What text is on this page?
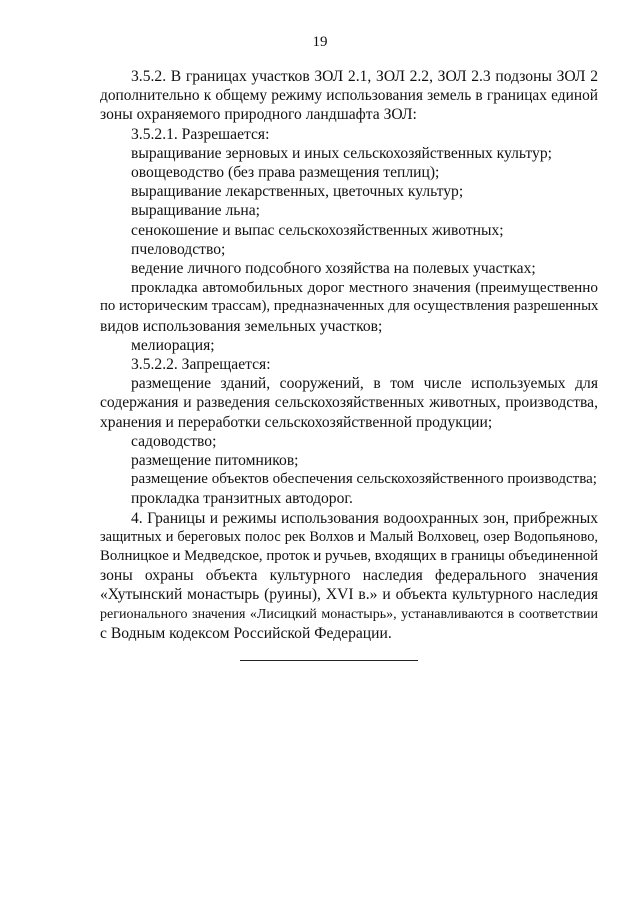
19

3.5.2. В границах участков ЗОЛ 2.1, ЗОЛ 2.2, ЗОЛ 2.3 подзоны ЗОЛ 2

дополнительно к общему режиму использования земель в границах единой

зоны охраняемого природного ландшафта ЗОЛ:

3.5.2.1. Разрешается:

выращивание зерновых и иных сельскохозяйственных культур;

овощеводство (без права размещения теплиц);

выращивание лекарственных, цветочных культур;

выращивание льна;

сенокошение и выпас сельскохозяйственных животных;

пчеловодство;

ведение личного подсобного хозяйства на полевых участках;

прокладка автомобильных дорог местного значения (преимущественно

по историческим трассам), предназначенных для осуществления разрешенных

видов использования земельных участков;

мелиорация;

3.5.2.2. Запрещается:

размещение зданий, сооружений, в том числе используемых для

содержания и разведения сельскохозяйственных животных, производства,

хранения и переработки сельскохозяйственной продукции;

садоводство;

размещение питомников;

размещение объектов обеспечения сельскохозяйственного производства;

прокладка транзитных автодорог.

4. Границы и режимы использования водоохранных зон, прибрежных

защитных и береговых полос рек Волхов и Малый Волховец, озер Водопьяново,

Волницкое и Медведское, проток и ручьев, входящих в границы объединенной

зоны охраны объекта культурного наследия федерального значения

«Хутынский монастырь (руины), XVI в.» и объекта культурного наследия

регионального значения «Лисицкий монастырь», устанавливаются в соответствии

с Водным кодексом Российской Федерации.
